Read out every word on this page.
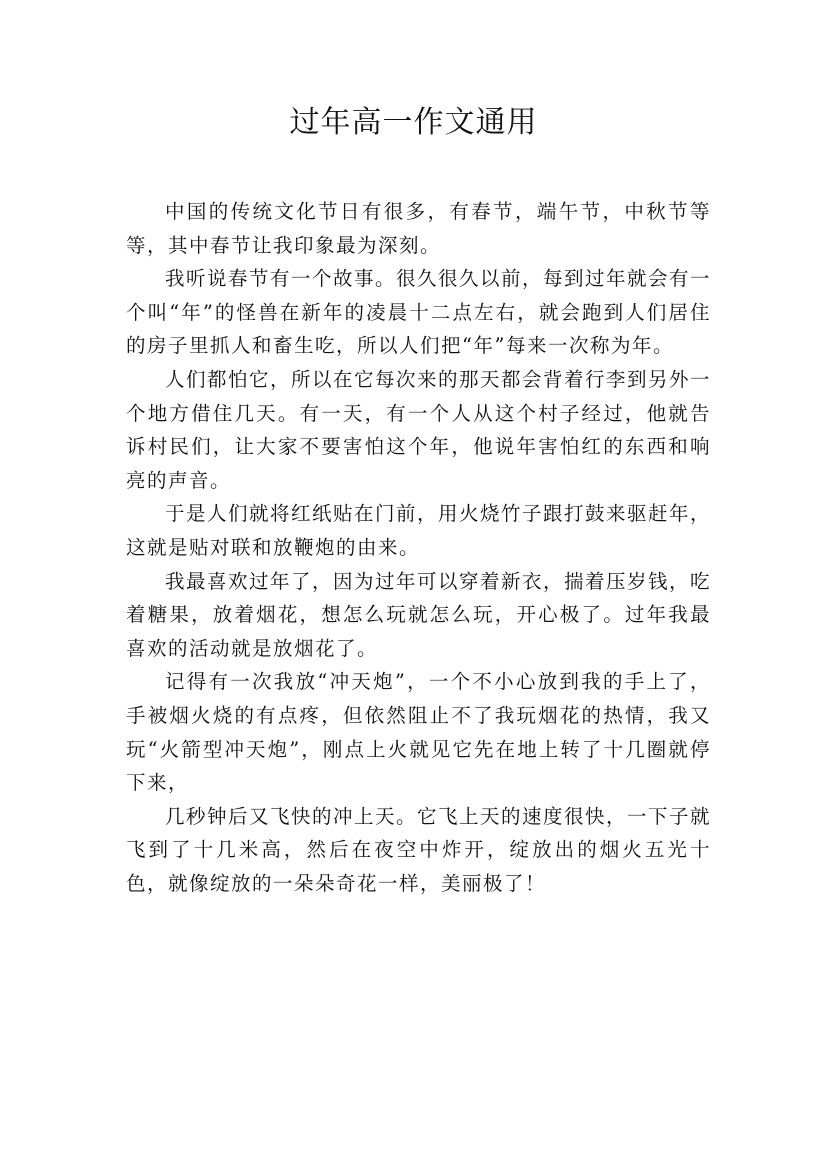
过年高一作文通用

中国的传统文化节日有很多，有春节，端午节，中秋节等等，其中春节让我印象最为深刻。

我听说春节有一个故事。很久很久以前，每到过年就会有一个叫“年”的怪兽在新年的凌晨十二点左右，就会跑到人们居住的房子里抓人和畜生吃，所以人们把“年”每来一次称为年。

人们都怕它，所以在它每次来的那天都会背着行李到另外一个地方借住几天。有一天，有一个人从这个村子经过，他就告诉村民们，让大家不要害怕这个年，他说年害怕红的东西和响亮的声音。

于是人们就将红纸贴在门前，用火烧竹子跟打鼓来驱赶年，这就是贴对联和放鞭炮的由来。

我最喜欢过年了，因为过年可以穿着新衣，揣着压岁钱，吃着糖果，放着烟花，想怎么玩就怎么玩，开心极了。过年我最喜欢的活动就是放烟花了。

记得有一次我放“冲天炮”，一个不小心放到我的手上了，手被烟火烧的有点疼，但依然阻止不了我玩烟花的热情，我又玩“火箭型冲天炮”，刚点上火就见它先在地上转了十几圈就停下来，

几秒钟后又飞快的冲上天。它飞上天的速度很快，一下子就飞到了十几米高，然后在夜空中炸开，绽放出的烟火五光十色，就像绽放的一朵朵奇花一样，美丽极了！
